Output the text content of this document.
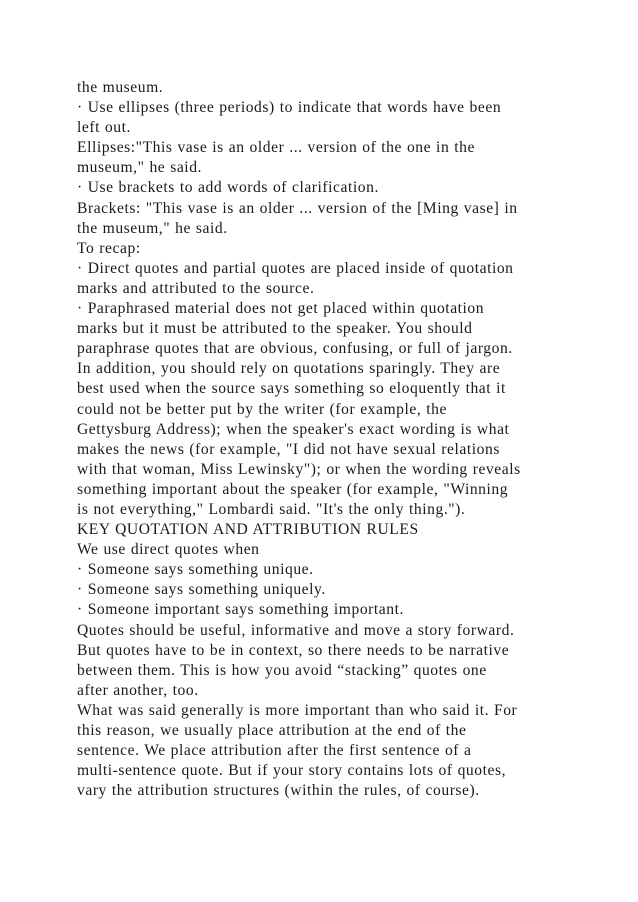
the museum.
· Use ellipses (three periods) to indicate that words have been
left out.
Ellipses:"This vase is an older ... version of the one in the
museum," he said.
· Use brackets to add words of clarification.
Brackets: "This vase is an older ... version of the [Ming vase] in
the museum," he said.
To recap:
· Direct quotes and partial quotes are placed inside of quotation
marks and attributed to the source.
· Paraphrased material does not get placed within quotation
marks but it must be attributed to the speaker. You should
paraphrase quotes that are obvious, confusing, or full of jargon.
In addition, you should rely on quotations sparingly. They are
best used when the source says something so eloquently that it
could not be better put by the writer (for example, the
Gettysburg Address); when the speaker's exact wording is what
makes the news (for example, "I did not have sexual relations
with that woman, Miss Lewinsky"); or when the wording reveals
something important about the speaker (for example, "Winning
is not everything," Lombardi said. "It's the only thing.").
KEY QUOTATION AND ATTRIBUTION RULES
We use direct quotes when
· Someone says something unique.
· Someone says something uniquely.
· Someone important says something important.
Quotes should be useful, informative and move a story forward.
But quotes have to be in context, so there needs to be narrative
between them. This is how you avoid “stacking” quotes one
after another, too.
What was said generally is more important than who said it. For
this reason, we usually place attribution at the end of the
sentence. We place attribution after the first sentence of a
multi-sentence quote. But if your story contains lots of quotes,
vary the attribution structures (within the rules, of course).
